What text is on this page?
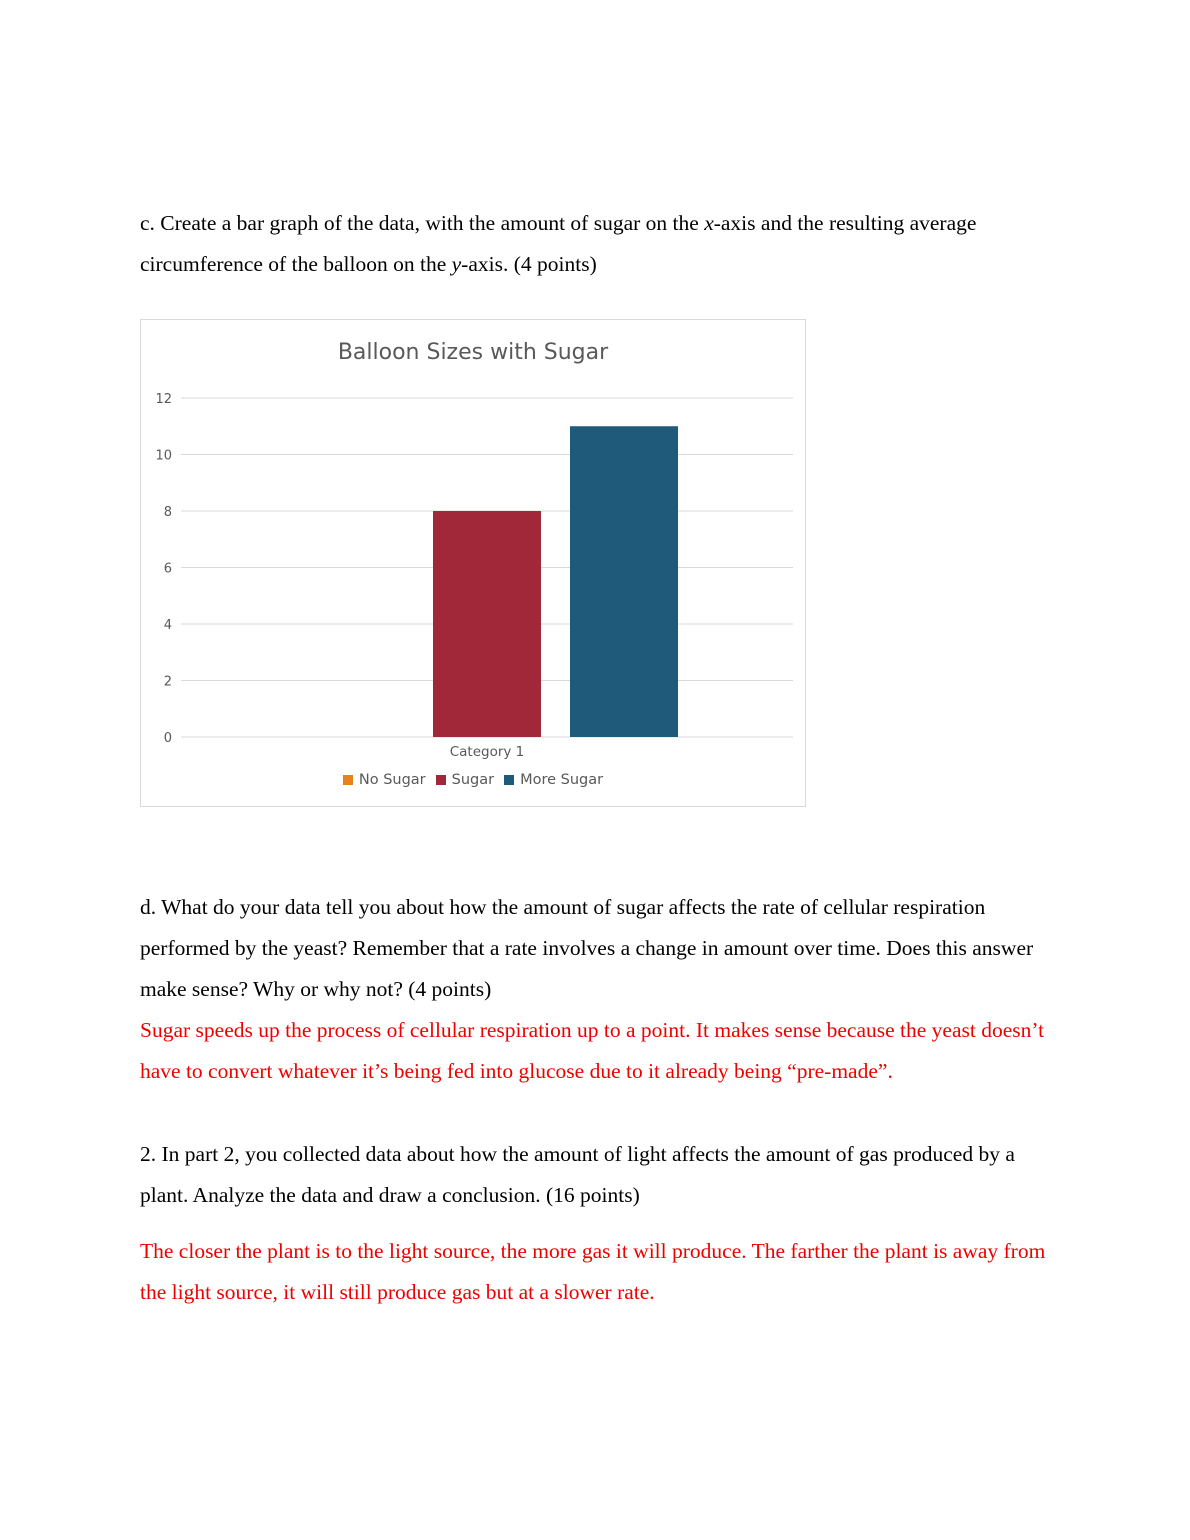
c. Create a bar graph of the data, with the amount of sugar on the x-axis and the resulting average circumference of the balloon on the y-axis. (4 points)

Balloon Sizes with Sugar
0
2
4
6
8
10
12
Category 1
No Sugar Sugar More Sugar

d. What do your data tell you about how the amount of sugar affects the rate of cellular respiration performed by the yeast? Remember that a rate involves a change in amount over time. Does this answer make sense? Why or why not? (4 points)

Sugar speeds up the process of cellular respiration up to a point. It makes sense because the yeast doesn’t have to convert whatever it’s being fed into glucose due to it already being “pre-made”.

2. In part 2, you collected data about how the amount of light affects the amount of gas produced by a plant. Analyze the data and draw a conclusion. (16 points)

The closer the plant is to the light source, the more gas it will produce. The farther the plant is away from the light source, it will still produce gas but at a slower rate.
